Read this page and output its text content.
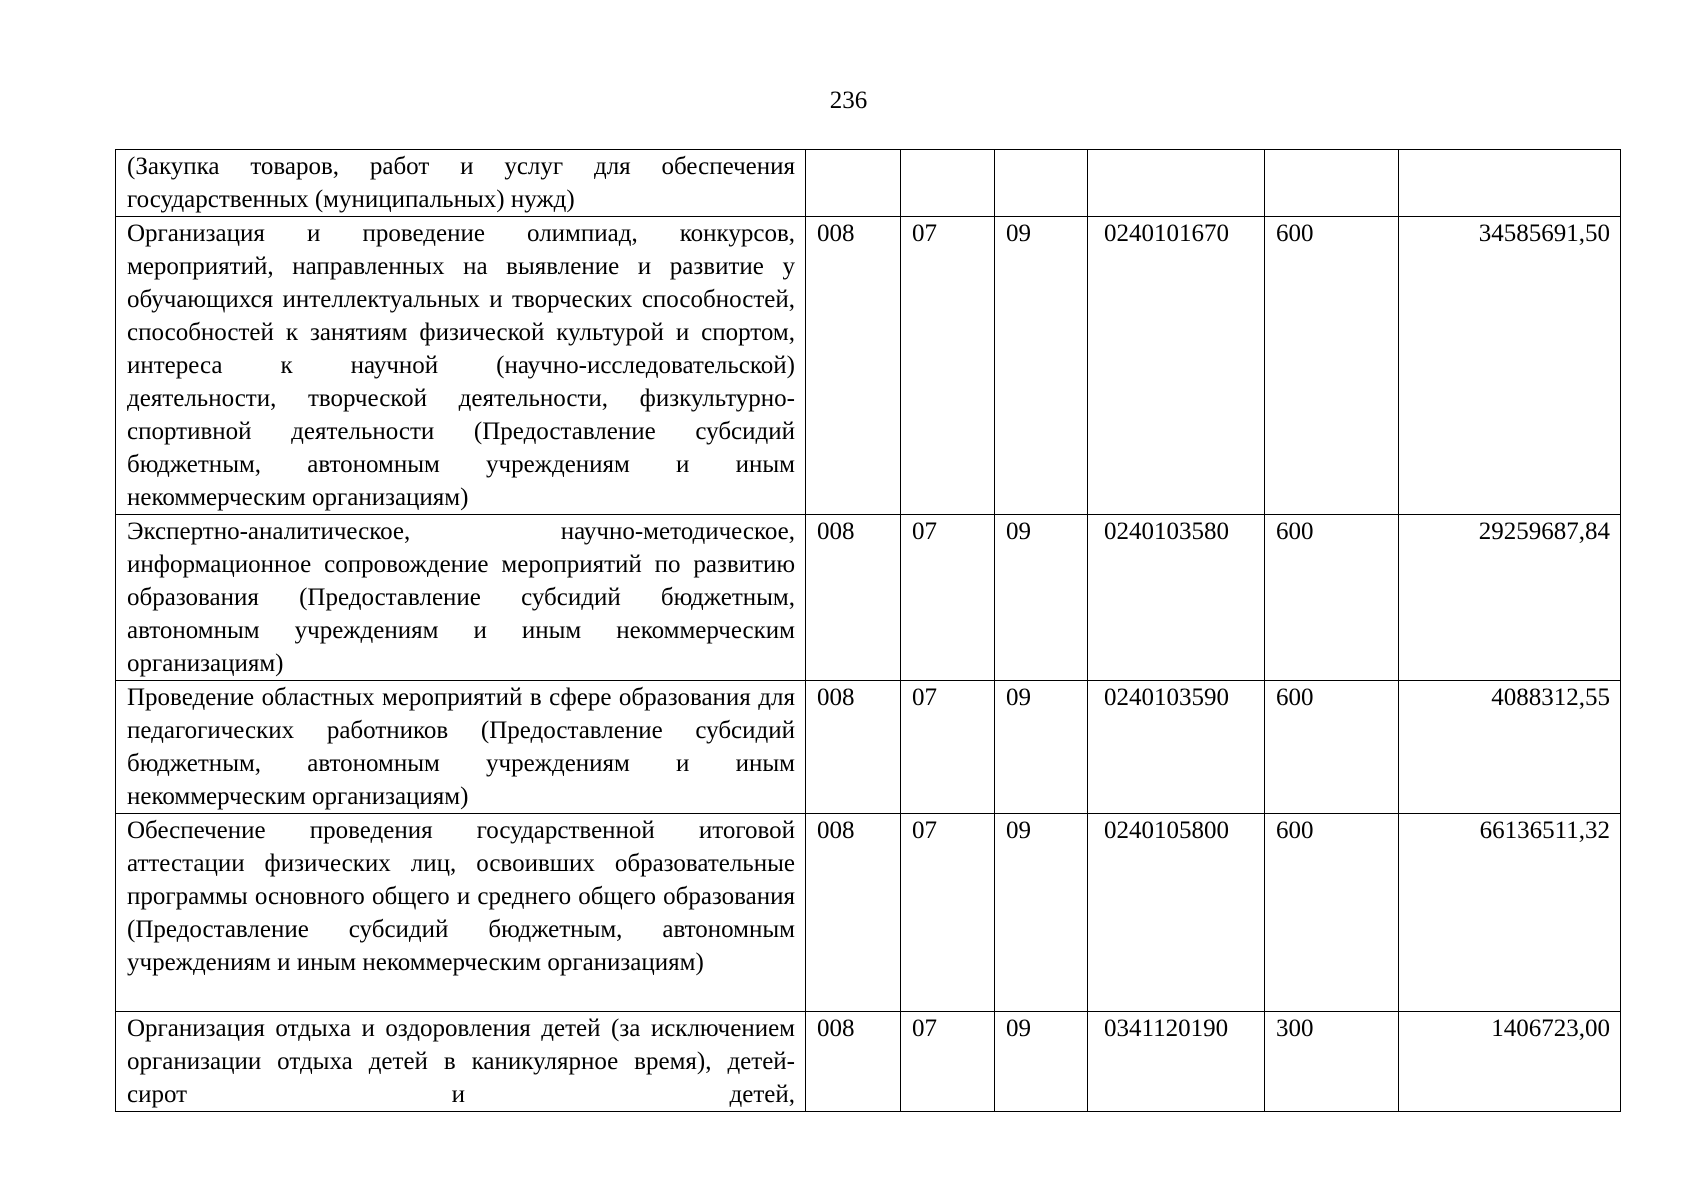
236
(Закупка товаров, работ и услуг для обеспечения государственных (муниципальных) нужд)						
Организация и проведение олимпиад, конкурсов, мероприятий, направленных на выявление и развитие у обучающихся интеллектуальных и творческих способностей, способностей к занятиям физической культурой и спортом, интереса к научной (научно-исследовательской) деятельности, творческой деятельности, физкультурно-спортивной деятельности (Предоставление субсидий бюджетным, автономным учреждениям и иным некоммерческим организациям)	008	07	09	0240101670	600	34585691,50
Экспертно-аналитическое, научно-методическое, информационное сопровождение мероприятий по развитию образования (Предоставление субсидий бюджетным, автономным учреждениям и иным некоммерческим организациям)	008	07	09	0240103580	600	29259687,84
Проведение областных мероприятий в сфере образования для педагогических работников (Предоставление субсидий бюджетным, автономным учреждениям и иным некоммерческим организациям)	008	07	09	0240103590	600	4088312,55
Обеспечение проведения государственной итоговой аттестации физических лиц, освоивших образовательные программы основного общего и среднего общего образования (Предоставление субсидий бюджетным, автономным учреждениям и иным некоммерческим организациям)	008	07	09	0240105800	600	66136511,32
Организация отдыха и оздоровления детей (за исключением организации отдыха детей в каникулярное время), детей-сирот и детей,	008	07	09	0341120190	300	1406723,00
